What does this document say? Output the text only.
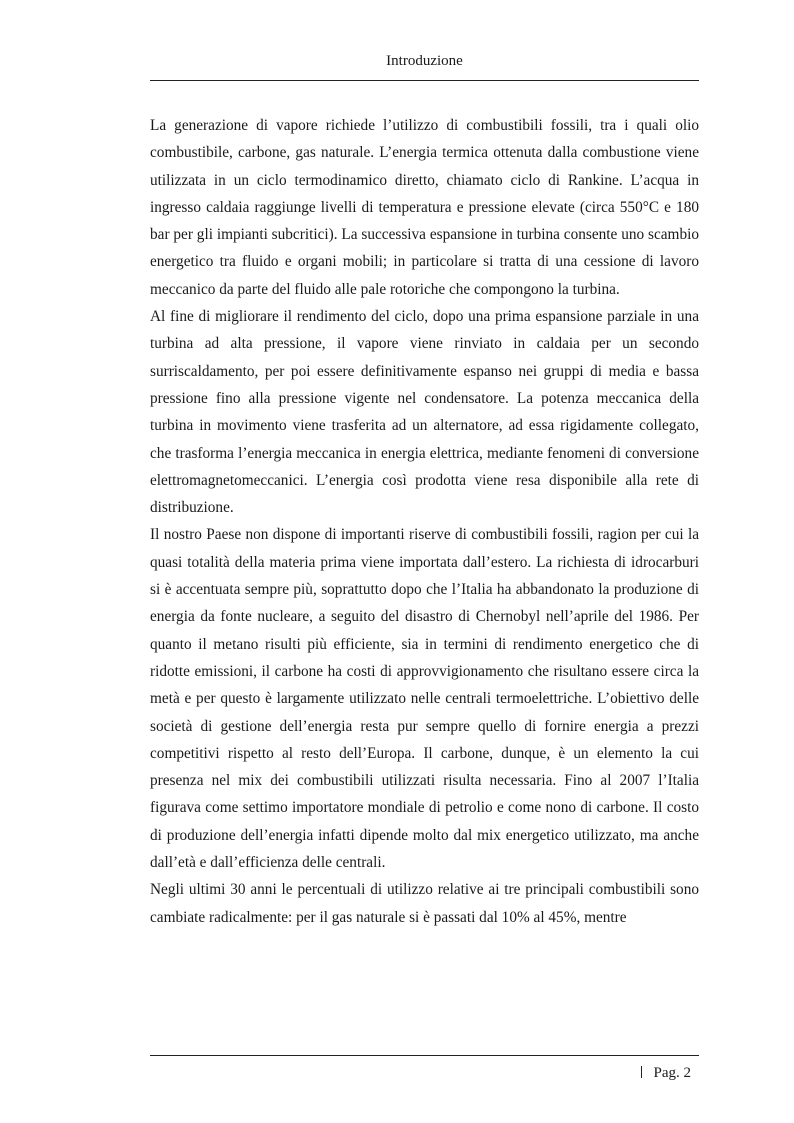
Introduzione

La generazione di vapore richiede l’utilizzo di combustibili fossili, tra i quali olio combustibile, carbone, gas naturale. L’energia termica ottenuta dalla combustione viene utilizzata in un ciclo termodinamico diretto, chiamato ciclo di Rankine. L’acqua in ingresso caldaia raggiunge livelli di temperatura e pressione elevate (circa 550°C e 180 bar per gli impianti subcritici). La successiva espansione in turbina consente uno scambio energetico tra fluido e organi mobili; in particolare si tratta di una cessione di lavoro meccanico da parte del fluido alle pale rotoriche che compongono la turbina.

Al fine di migliorare il rendimento del ciclo, dopo una prima espansione parziale in una turbina ad alta pressione, il vapore viene rinviato in caldaia per un secondo surriscaldamento, per poi essere definitivamente espanso nei gruppi di media e bassa pressione fino alla pressione vigente nel condensatore. La potenza meccanica della turbina in movimento viene trasferita ad un alternatore, ad essa rigidamente collegato, che trasforma l’energia meccanica in energia elettrica, mediante fenomeni di conversione elettromagnetomeccanici. L’energia così prodotta viene resa disponibile alla rete di distribuzione.

Il nostro Paese non dispone di importanti riserve di combustibili fossili, ragion per cui la quasi totalità della materia prima viene importata dall’estero. La richiesta di idrocarburi si è accentuata sempre più, soprattutto dopo che l’Italia ha abbandonato la produzione di energia da fonte nucleare, a seguito del disastro di Chernobyl nell’aprile del 1986. Per quanto il metano risulti più efficiente, sia in termini di rendimento energetico che di ridotte emissioni, il carbone ha costi di approvvigionamento che risultano essere circa la metà e per questo è largamente utilizzato nelle centrali termoelettriche. L’obiettivo delle società di gestione dell’energia resta pur sempre quello di fornire energia a prezzi competitivi rispetto al resto dell’Europa. Il carbone, dunque, è un elemento la cui presenza nel mix dei combustibili utilizzati risulta necessaria. Fino al 2007 l’Italia figurava come settimo importatore mondiale di petrolio e come nono di carbone. Il costo di produzione dell’energia infatti dipende molto dal mix energetico utilizzato, ma anche dall’età e dall’efficienza delle centrali.

Negli ultimi 30 anni le percentuali di utilizzo relative ai tre principali combustibili sono cambiate radicalmente: per il gas naturale si è passati dal 10% al 45%, mentre

Pag. 2
